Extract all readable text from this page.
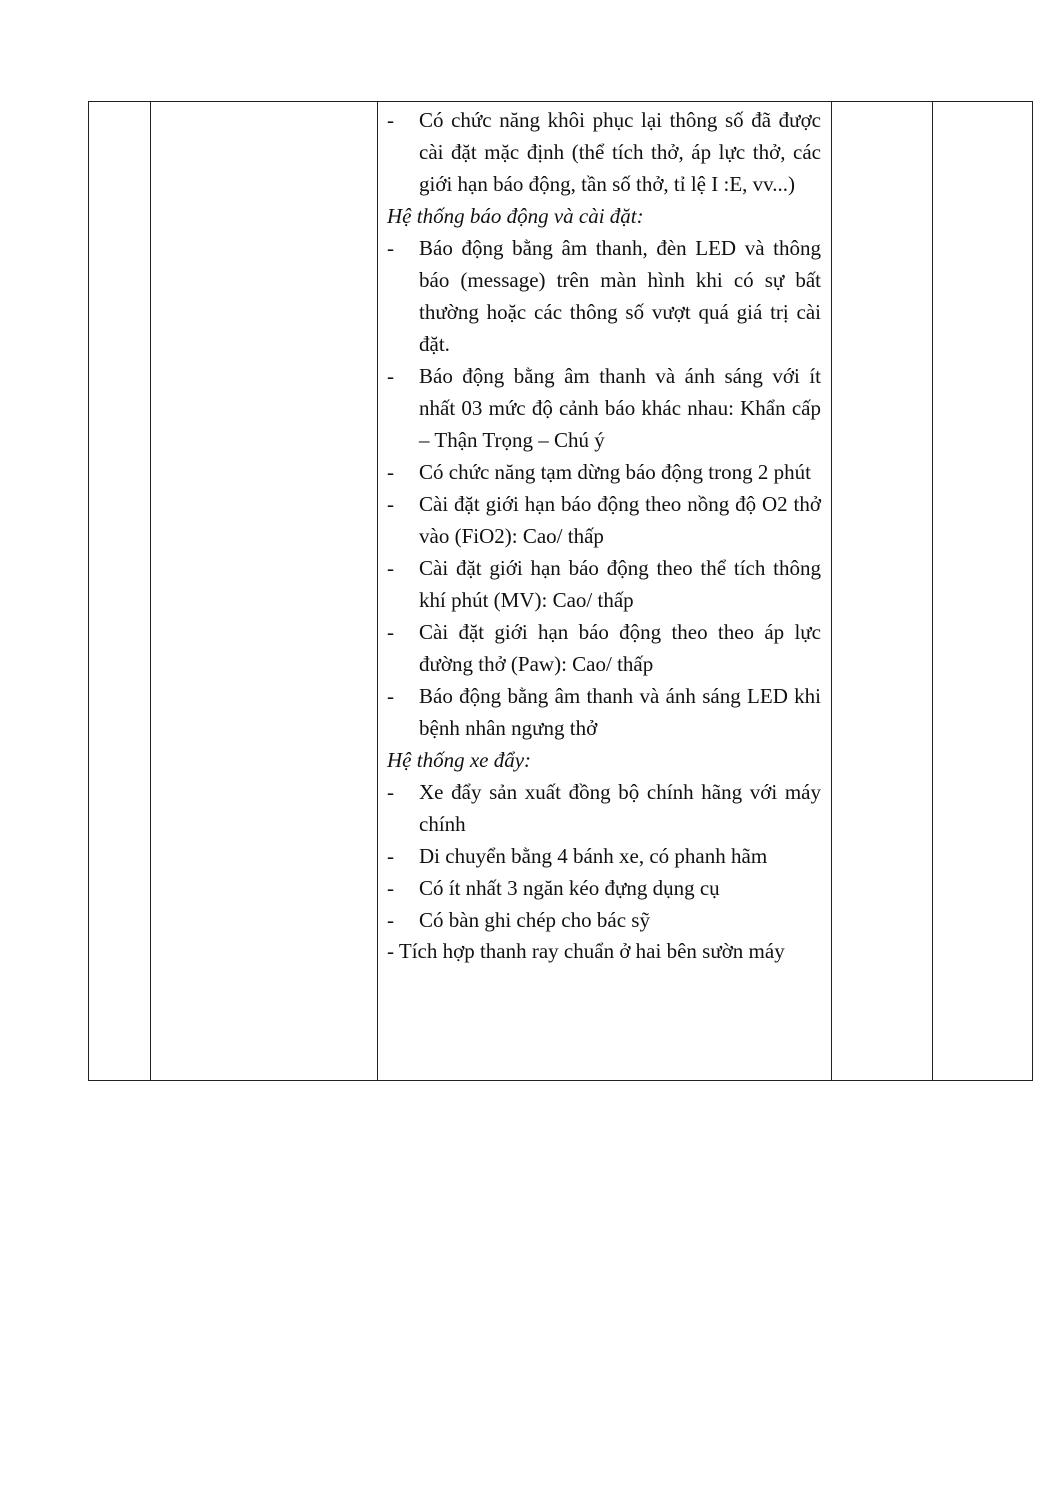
-	Có chức năng khôi phục lại thông số đã được cài đặt mặc định (thể tích thở, áp lực thở, các giới hạn báo động, tần số thở, tỉ lệ I :E, vv...)
Hệ thống báo động và cài đặt:
-	Báo động bằng âm thanh, đèn LED và thông báo (message) trên màn hình khi có sự bất thường hoặc các thông số vượt quá giá trị cài đặt.
-	Báo động bằng âm thanh và ánh sáng với ít nhất 03 mức độ cảnh báo khác nhau: Khẩn cấp – Thận Trọng – Chú ý
-	Có chức năng tạm dừng báo động trong 2 phút
-	Cài đặt giới hạn báo động theo nồng độ O2 thở vào (FiO2): Cao/ thấp
-	Cài đặt giới hạn báo động theo thể tích thông khí phút (MV): Cao/ thấp
-	Cài đặt giới hạn báo động theo theo áp lực đường thở (Paw): Cao/ thấp
-	Báo động bằng âm thanh và ánh sáng LED khi bệnh nhân ngưng thở
Hệ thống xe đẩy:
-	Xe đẩy sản xuất đồng bộ chính hãng với máy chính
-	Di chuyển bằng 4 bánh xe, có phanh hãm
-	Có ít nhất 3 ngăn kéo đựng dụng cụ
-	Có bàn ghi chép cho bác sỹ
- Tích hợp thanh ray chuẩn ở hai bên sườn máy
